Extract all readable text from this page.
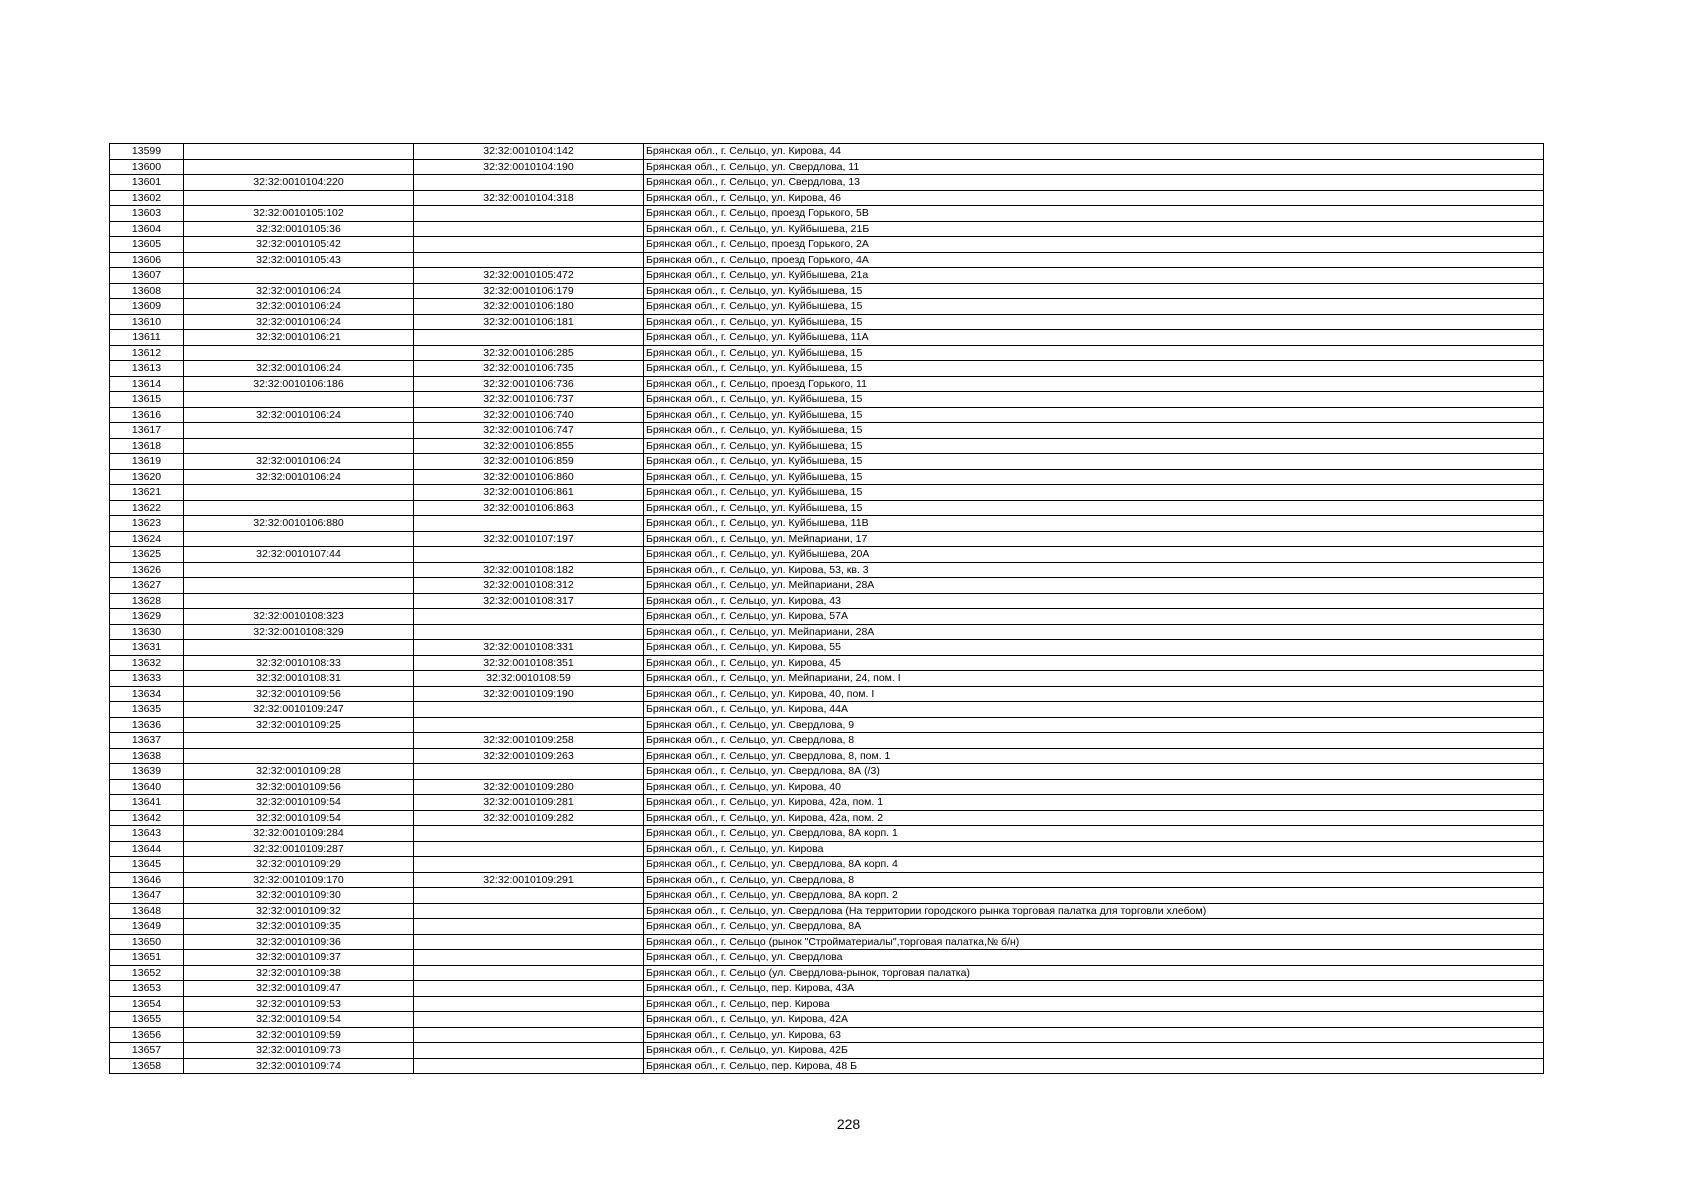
13599		32:32:0010104:142	Брянская обл., г. Сельцо, ул. Кирова, 44
13600		32:32:0010104:190	Брянская обл., г. Сельцо, ул. Свердлова, 11
13601	32:32:0010104:220		Брянская обл., г. Сельцо, ул. Свердлова, 13
13602		32:32:0010104:318	Брянская обл., г. Сельцо, ул. Кирова, 46
13603	32:32:0010105:102		Брянская обл., г. Сельцо, проезд Горького, 5В
13604	32:32:0010105:36		Брянская обл., г. Сельцо, ул. Куйбышева, 21Б
13605	32:32:0010105:42		Брянская обл., г. Сельцо, проезд Горького, 2А
13606	32:32:0010105:43		Брянская обл., г. Сельцо, проезд Горького, 4А
13607		32:32:0010105:472	Брянская обл., г. Сельцо, ул. Куйбышева, 21а
13608	32:32:0010106:24	32:32:0010106:179	Брянская обл., г. Сельцо, ул. Куйбышева, 15
13609	32:32:0010106:24	32:32:0010106:180	Брянская обл., г. Сельцо, ул. Куйбышева, 15
13610	32:32:0010106:24	32:32:0010106:181	Брянская обл., г. Сельцо, ул. Куйбышева, 15
13611	32:32:0010106:21		Брянская обл., г. Сельцо, ул. Куйбышева, 11А
13612		32:32:0010106:285	Брянская обл., г. Сельцо, ул. Куйбышева, 15
13613	32:32:0010106:24	32:32:0010106:735	Брянская обл., г. Сельцо, ул. Куйбышева, 15
13614	32:32:0010106:186	32:32:0010106:736	Брянская обл., г. Сельцо, проезд Горького, 11
13615		32:32:0010106:737	Брянская обл., г. Сельцо, ул. Куйбышева, 15
13616	32:32:0010106:24	32:32:0010106:740	Брянская обл., г. Сельцо, ул. Куйбышева, 15
13617		32:32:0010106:747	Брянская обл., г. Сельцо, ул. Куйбышева, 15
13618		32:32:0010106:855	Брянская обл., г. Сельцо, ул. Куйбышева, 15
13619	32:32:0010106:24	32:32:0010106:859	Брянская обл., г. Сельцо, ул. Куйбышева, 15
13620	32:32:0010106:24	32:32:0010106:860	Брянская обл., г. Сельцо, ул. Куйбышева, 15
13621		32:32:0010106:861	Брянская обл., г. Сельцо, ул. Куйбышева, 15
13622		32:32:0010106:863	Брянская обл., г. Сельцо, ул. Куйбышева, 15
13623	32:32:0010106:880		Брянская обл., г. Сельцо, ул. Куйбышева, 11В
13624		32:32:0010107:197	Брянская обл., г. Сельцо, ул. Мейпариани, 17
13625	32:32:0010107:44		Брянская обл., г. Сельцо, ул. Куйбышева, 20А
13626		32:32:0010108:182	Брянская обл., г. Сельцо, ул. Кирова, 53, кв. 3
13627		32:32:0010108:312	Брянская обл., г. Сельцо, ул. Мейпариани, 28А
13628		32:32:0010108:317	Брянская обл., г. Сельцо, ул. Кирова, 43
13629	32:32:0010108:323		Брянская обл., г. Сельцо, ул. Кирова, 57А
13630	32:32:0010108:329		Брянская обл., г. Сельцо, ул. Мейпариани, 28А
13631		32:32:0010108:331	Брянская обл., г. Сельцо, ул. Кирова, 55
13632	32:32:0010108:33	32:32:0010108:351	Брянская обл., г. Сельцо, ул. Кирова, 45
13633	32:32:0010108:31	32:32:0010108:59	Брянская обл., г. Сельцо, ул. Мейпариани, 24, пом. I
13634	32:32:0010109:56	32:32:0010109:190	Брянская обл., г. Сельцо, ул. Кирова, 40, пом. I
13635	32:32:0010109:247		Брянская обл., г. Сельцо, ул. Кирова, 44А
13636	32:32:0010109:25		Брянская обл., г. Сельцо, ул. Свердлова, 9
13637		32:32:0010109:258	Брянская обл., г. Сельцо, ул. Свердлова, 8
13638		32:32:0010109:263	Брянская обл., г. Сельцо, ул. Свердлова, 8, пом. 1
13639	32:32:0010109:28		Брянская обл., г. Сельцо, ул. Свердлова, 8А (/3)
13640	32:32:0010109:56	32:32:0010109:280	Брянская обл., г. Сельцо, ул. Кирова, 40
13641	32:32:0010109:54	32:32:0010109:281	Брянская обл., г. Сельцо, ул. Кирова, 42а, пом. 1
13642	32:32:0010109:54	32:32:0010109:282	Брянская обл., г. Сельцо, ул. Кирова, 42а, пом. 2
13643	32:32:0010109:284		Брянская обл., г. Сельцо, ул. Свердлова, 8А корп. 1
13644	32:32:0010109:287		Брянская обл., г. Сельцо, ул. Кирова
13645	32:32:0010109:29		Брянская обл., г. Сельцо, ул. Свердлова, 8А корп. 4
13646	32:32:0010109:170	32:32:0010109:291	Брянская обл., г. Сельцо, ул. Свердлова, 8
13647	32:32:0010109:30		Брянская обл., г. Сельцо, ул. Свердлова, 8А корп. 2
13648	32:32:0010109:32		Брянская обл., г. Сельцо, ул. Свердлова (На территории городского рынка торговая палатка для торговли хлебом)
13649	32:32:0010109:35		Брянская обл., г. Сельцо, ул. Свердлова, 8А
13650	32:32:0010109:36		Брянская обл., г. Сельцо (рынок "Стройматериалы",торговая палатка,№ б/н)
13651	32:32:0010109:37		Брянская обл., г. Сельцо, ул. Свердлова
13652	32:32:0010109:38		Брянская обл., г. Сельцо (ул. Свердлова-рынок, торговая палатка)
13653	32:32:0010109:47		Брянская обл., г. Сельцо, пер. Кирова, 43А
13654	32:32:0010109:53		Брянская обл., г. Сельцо, пер. Кирова
13655	32:32:0010109:54		Брянская обл., г. Сельцо, ул. Кирова, 42А
13656	32:32:0010109:59		Брянская обл., г. Сельцо, ул. Кирова, 63
13657	32:32:0010109:73		Брянская обл., г. Сельцо, ул. Кирова, 42Б
13658	32:32:0010109:74		Брянская обл., г. Сельцо, пер. Кирова, 48 Б
228
